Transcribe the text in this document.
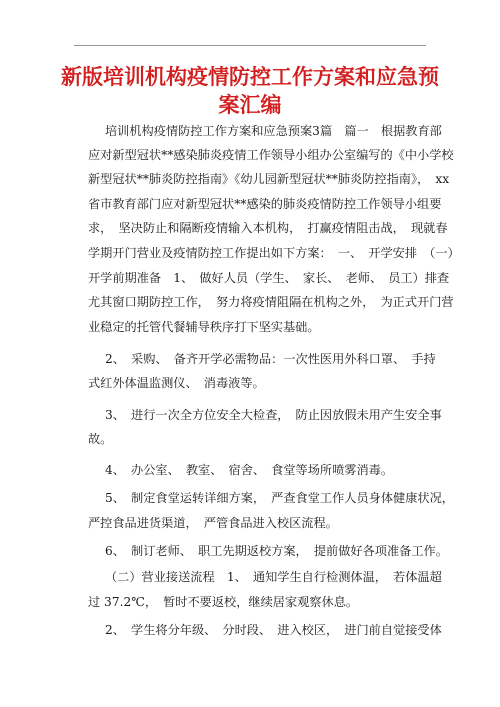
新版培训机构疫情防控工作方案和应急预
案汇编
培训机构疫情防控工作方案和应急预案3篇　篇一　根据教育部
应对新型冠状**感染肺炎疫情工作领导小组办公室编写的《中小学校
新型冠状**肺炎防控指南》《幼儿园新型冠状**肺炎防控指南》，　xx
省市教育部门应对新型冠状**感染的肺炎疫情防控工作领导小组要
求，　坚决防止和隔断疫情输入本机构，　打赢疫情阻击战，　现就春
学期开门营业及疫情防控工作提出如下方案：　一、　开学安排　（一）
开学前期准备　1、　做好人员（学生、　家长、　老师、　员工）排查
尤其窗口期防控工作，　努力将疫情阻隔在机构之外，　为正式开门营
业稳定的托管代餐辅导秩序打下坚实基础。
2、　采购、　备齐开学必需物品：一次性医用外科口罩、　手持
式红外体温监测仪、　消毒液等。
3、　进行一次全方位安全大检查，　防止因放假未用产生安全事
故。
4、　办公室、　教室、　宿舍、　食堂等场所喷雾消毒。
5、　制定食堂运转详细方案，　严查食堂工作人员身体健康状况，
严控食品进货渠道，　严管食品进入校区流程。
6、　制订老师、　职工先期返校方案，　提前做好各项准备工作。
（二）营业接送流程　1、　通知学生自行检测体温，　若体温超
过 37.2℃，　暂时不要返校，继续居家观察休息。
2、　学生将分年级、　分时段、　进入校区，　进门前自觉接受体
